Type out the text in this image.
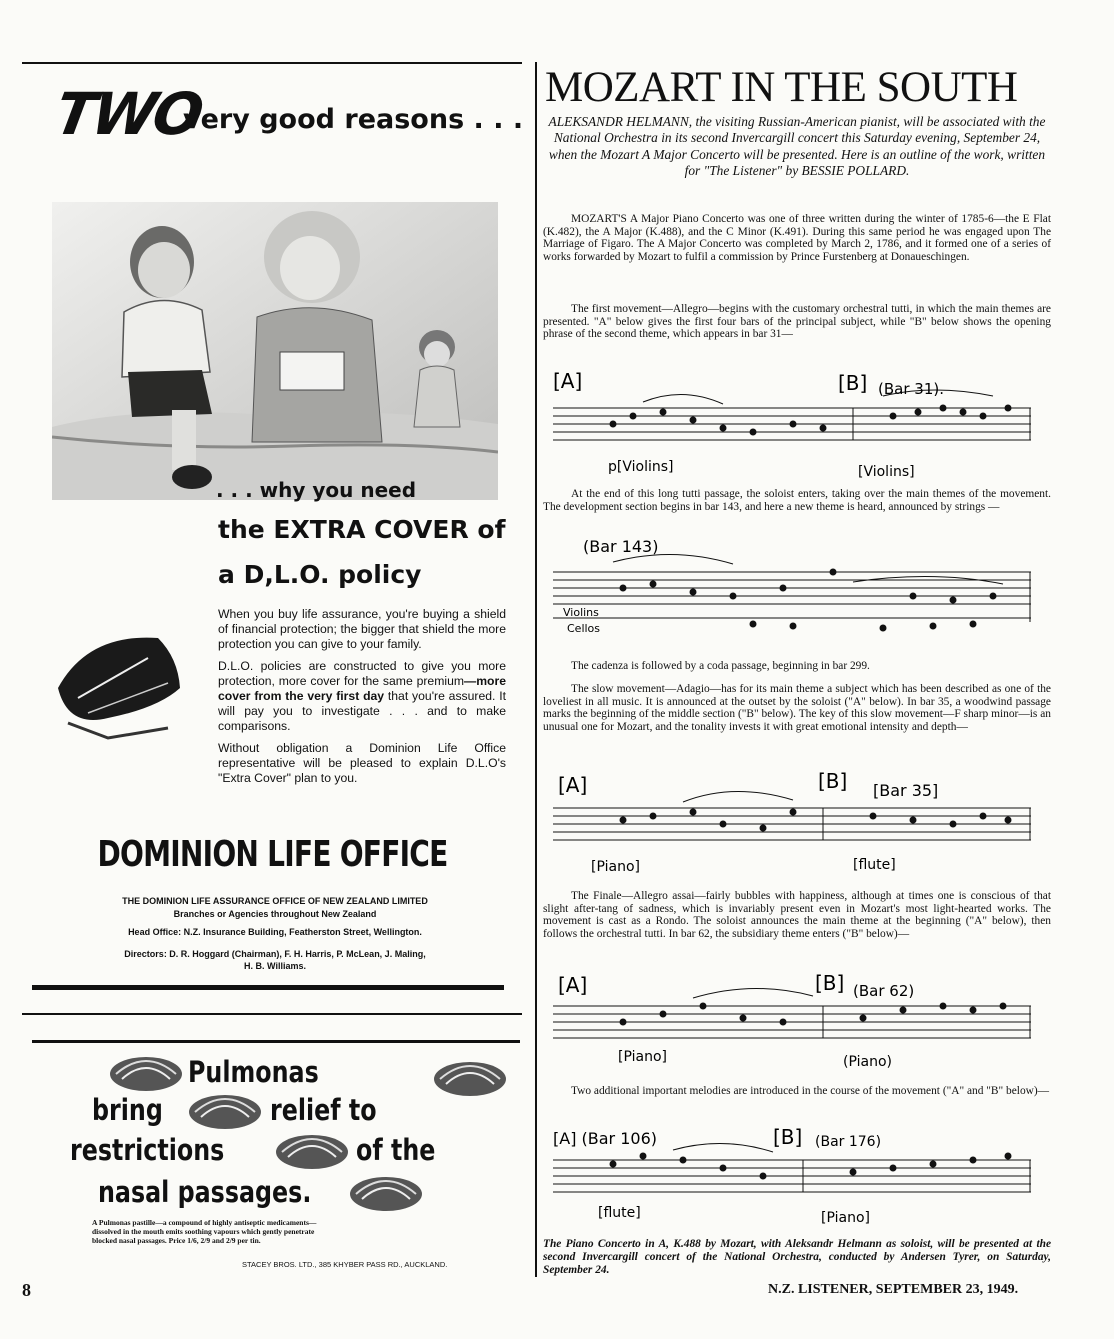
TWO
very good reasons . . .
. . . why you need
the EXTRA COVER of
a D,L.O. policy

When you buy life assurance, you're buying a shield of financial protection; the bigger that shield the more protection you can give to your family.

D.L.O. policies are constructed to give you more protection, more cover for the same premium—more cover from the very first day that you're assured. It will pay you to investigate . . . and to make comparisons.

Without obligation a Dominion Life Office representative will be pleased to explain D.L.O's "Extra Cover" plan to you.

DOMINION LIFE OFFICE
THE DOMINION LIFE ASSURANCE OFFICE OF NEW ZEALAND LIMITED
Branches or Agencies throughout New Zealand
Head Office: N.Z. Insurance Building, Featherston Street, Wellington.
Directors: D. R. Hoggard (Chairman), F. H. Harris, P. McLean, J. Maling,
H. B. Williams.
Pulmonas
bring	relief to
restrictions	of the
nasal passages.
A Pulmonas pastille—a compound of highly antiseptic medicaments—
dissolved in the mouth emits soothing vapours which gently penetrate
blocked nasal passages. Price 1/6, 2/9 and 2/9 per tin.
STACEY BROS. LTD., 385 KHYBER PASS RD., AUCKLAND.
MOZART IN THE SOUTH
ALEKSANDR HELMANN, the visiting Russian-American pianist, will be associated with the National Orchestra in its second Invercargill concert this Saturday evening, September 24, when the Mozart A Major Concerto will be presented. Here is an outline of the work, written for "The Listener" by BESSIE POLLARD.

MOZART'S A Major Piano Concerto was one of three written during the winter of 1785-6—the E Flat (K.482), the A Major (K.488), and the C Minor (K.491). During this same period he was engaged upon The Marriage of Figaro. The A Major Concerto was completed by March 2, 1786, and it formed one of a series of works forwarded by Mozart to fulfil a commission by Prince Furstenberg at Donaueschingen.

The first movement—Allegro—begins with the customary orchestral tutti, in which the main themes are presented. "A" below gives the first four bars of the principal subject, while "B" below shows the opening phrase of the second theme, which appears in bar 31—

[A]	[B] (Bar 31).
p[Violins]	[Violins]

At the end of this long tutti passage, the soloist enters, taking over the main themes of the movement. The development section begins in bar 143, and here a new theme is heard, announced by strings —

(Bar 143)
Violins
Cellos

The cadenza is followed by a coda passage, beginning in bar 299.

The slow movement—Adagio—has for its main theme a subject which has been described as one of the loveliest in all music. It is announced at the outset by the soloist ("A" below). In bar 35, a woodwind passage marks the beginning of the middle section ("B" below). The key of this slow movement—F sharp minor—is an unusual one for Mozart, and the tonality invests it with great emotional intensity and depth—

[A]	[B] [Bar 35]
[Piano]	[flute]

The Finale—Allegro assai—fairly bubbles with happiness, although at times one is conscious of that slight after-tang of sadness, which is invariably present even in Mozart's most light-hearted works. The movement is cast as a Rondo. The soloist announces the main theme at the beginning ("A" below), then follows the orchestral tutti. In bar 62, the subsidiary theme enters ("B" below)—

[A]	[B] (Bar 62)
[Piano]	(Piano)

Two additional important melodies are introduced in the course of the movement ("A" and "B" below)—

[A] (Bar 106)	[B] (Bar 176)
[flute]	[Piano]
The Piano Concerto in A, K.488 by Mozart, with Aleksandr Helmann as soloist, will be presented at the second Invercargill concert of the National Orchestra, conducted by Andersen Tyrer, on Saturday, September 24.
8	N.Z. LISTENER, SEPTEMBER 23, 1949.
